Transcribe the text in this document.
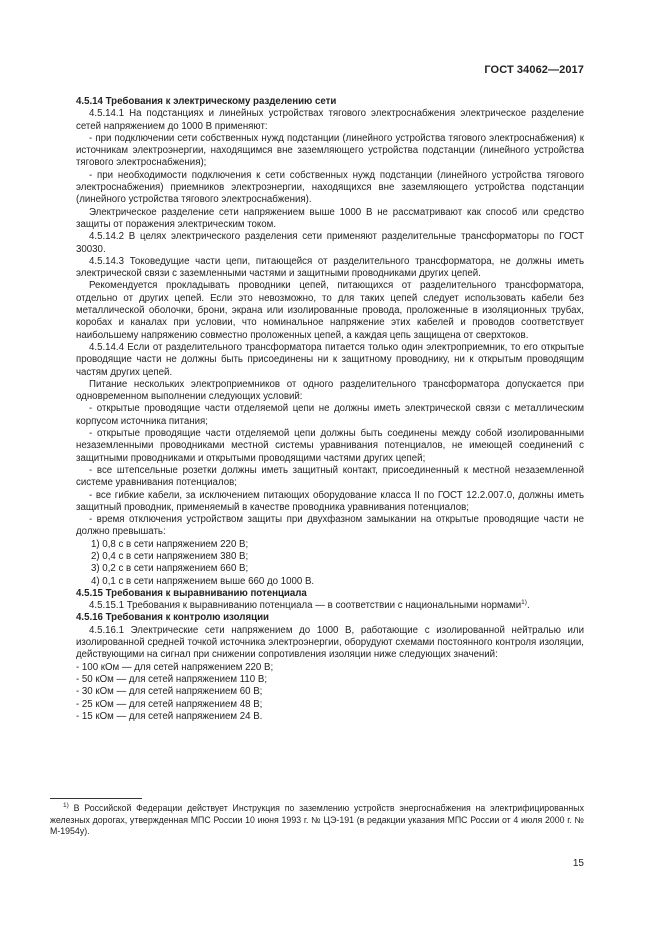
ГОСТ 34062—2017

4.5.14 Требования к электрическому разделению сети

4.5.14.1 На подстанциях и линейных устройствах тягового электроснабжения электрическое разделение сетей напряжением до 1000 В применяют:

- при подключении сети собственных нужд подстанции (линейного устройства тягового электроснабжения) к источникам электроэнергии, находящимся вне заземляющего устройства подстанции (линейного устройства тягового электроснабжения);

- при необходимости подключения к сети собственных нужд подстанции (линейного устройства тягового электроснабжения) приемников электроэнергии, находящихся вне заземляющего устройства подстанции (линейного устройства тягового электроснабжения).

Электрическое разделение сети напряжением выше 1000 В не рассматривают как способ или средство защиты от поражения электрическим током.

4.5.14.2 В целях электрического разделения сети применяют разделительные трансформаторы по ГОСТ 30030.

4.5.14.3 Токоведущие части цепи, питающейся от разделительного трансформатора, не должны иметь электрической связи с заземленными частями и защитными проводниками других цепей.

Рекомендуется прокладывать проводники цепей, питающихся от разделительного трансформатора, отдельно от других цепей. Если это невозможно, то для таких цепей следует использовать кабели без металлической оболочки, брони, экрана или изолированные провода, проложенные в изоляционных трубах, коробах и каналах при условии, что номинальное напряжение этих кабелей и проводов соответствует наибольшему напряжению совместно проложенных цепей, а каждая цепь защищена от сверхтоков.

4.5.14.4 Если от разделительного трансформатора питается только один электроприемник, то его открытые проводящие части не должны быть присоединены ни к защитному проводнику, ни к открытым проводящим частям других цепей.

Питание нескольких электроприемников от одного разделительного трансформатора допускается при одновременном выполнении следующих условий:

- открытые проводящие части отделяемой цепи не должны иметь электрической связи с металлическим корпусом источника питания;

- открытые проводящие части отделяемой цепи должны быть соединены между собой изолированными незаземленными проводниками местной системы уравнивания потенциалов, не имеющей соединений с защитными проводниками и открытыми проводящими частями других цепей;

- все штепсельные розетки должны иметь защитный контакт, присоединенный к местной незаземленной системе уравнивания потенциалов;

- все гибкие кабели, за исключением питающих оборудование класса II по ГОСТ 12.2.007.0, должны иметь защитный проводник, применяемый в качестве проводника уравнивания потенциалов;

- время отключения устройством защиты при двухфазном замыкании на открытые проводящие части не должно превышать:

1) 0,8 с в сети напряжением 220 В;

2) 0,4 с в сети напряжением 380 В;

3) 0,2 с в сети напряжением 660 В;

4) 0,1 с в сети напряжением выше 660 до 1000 В.

4.5.15 Требования к выравниванию потенциала

4.5.15.1 Требования к выравниванию потенциала — в соответствии с национальными нормами$^{1)}$.

4.5.16 Требования к контролю изоляции

4.5.16.1 Электрические сети напряжением до 1000 В, работающие с изолированной нейтралью или изолированной средней точкой источника электроэнергии, оборудуют схемами постоянного контроля изоляции, действующими на сигнал при снижении сопротивления изоляции ниже следующих значений:

- 100 кОм — для сетей напряжением 220 В;

- 50 кОм — для сетей напряжением 110 В;

- 30 кОм — для сетей напряжением 60 В;

- 25 кОм — для сетей напряжением 48 В;

- 15 кОм — для сетей напряжением 24 В.

$^{1)}$ В Российской Федерации действует Инструкция по заземлению устройств энергоснабжения на электрифицированных железных дорогах, утвержденная МПС России 10 июня 1993 г. № ЦЭ-191 (в редакции указания МПС России от 4 июля 2000 г. № М-1954у).

15
